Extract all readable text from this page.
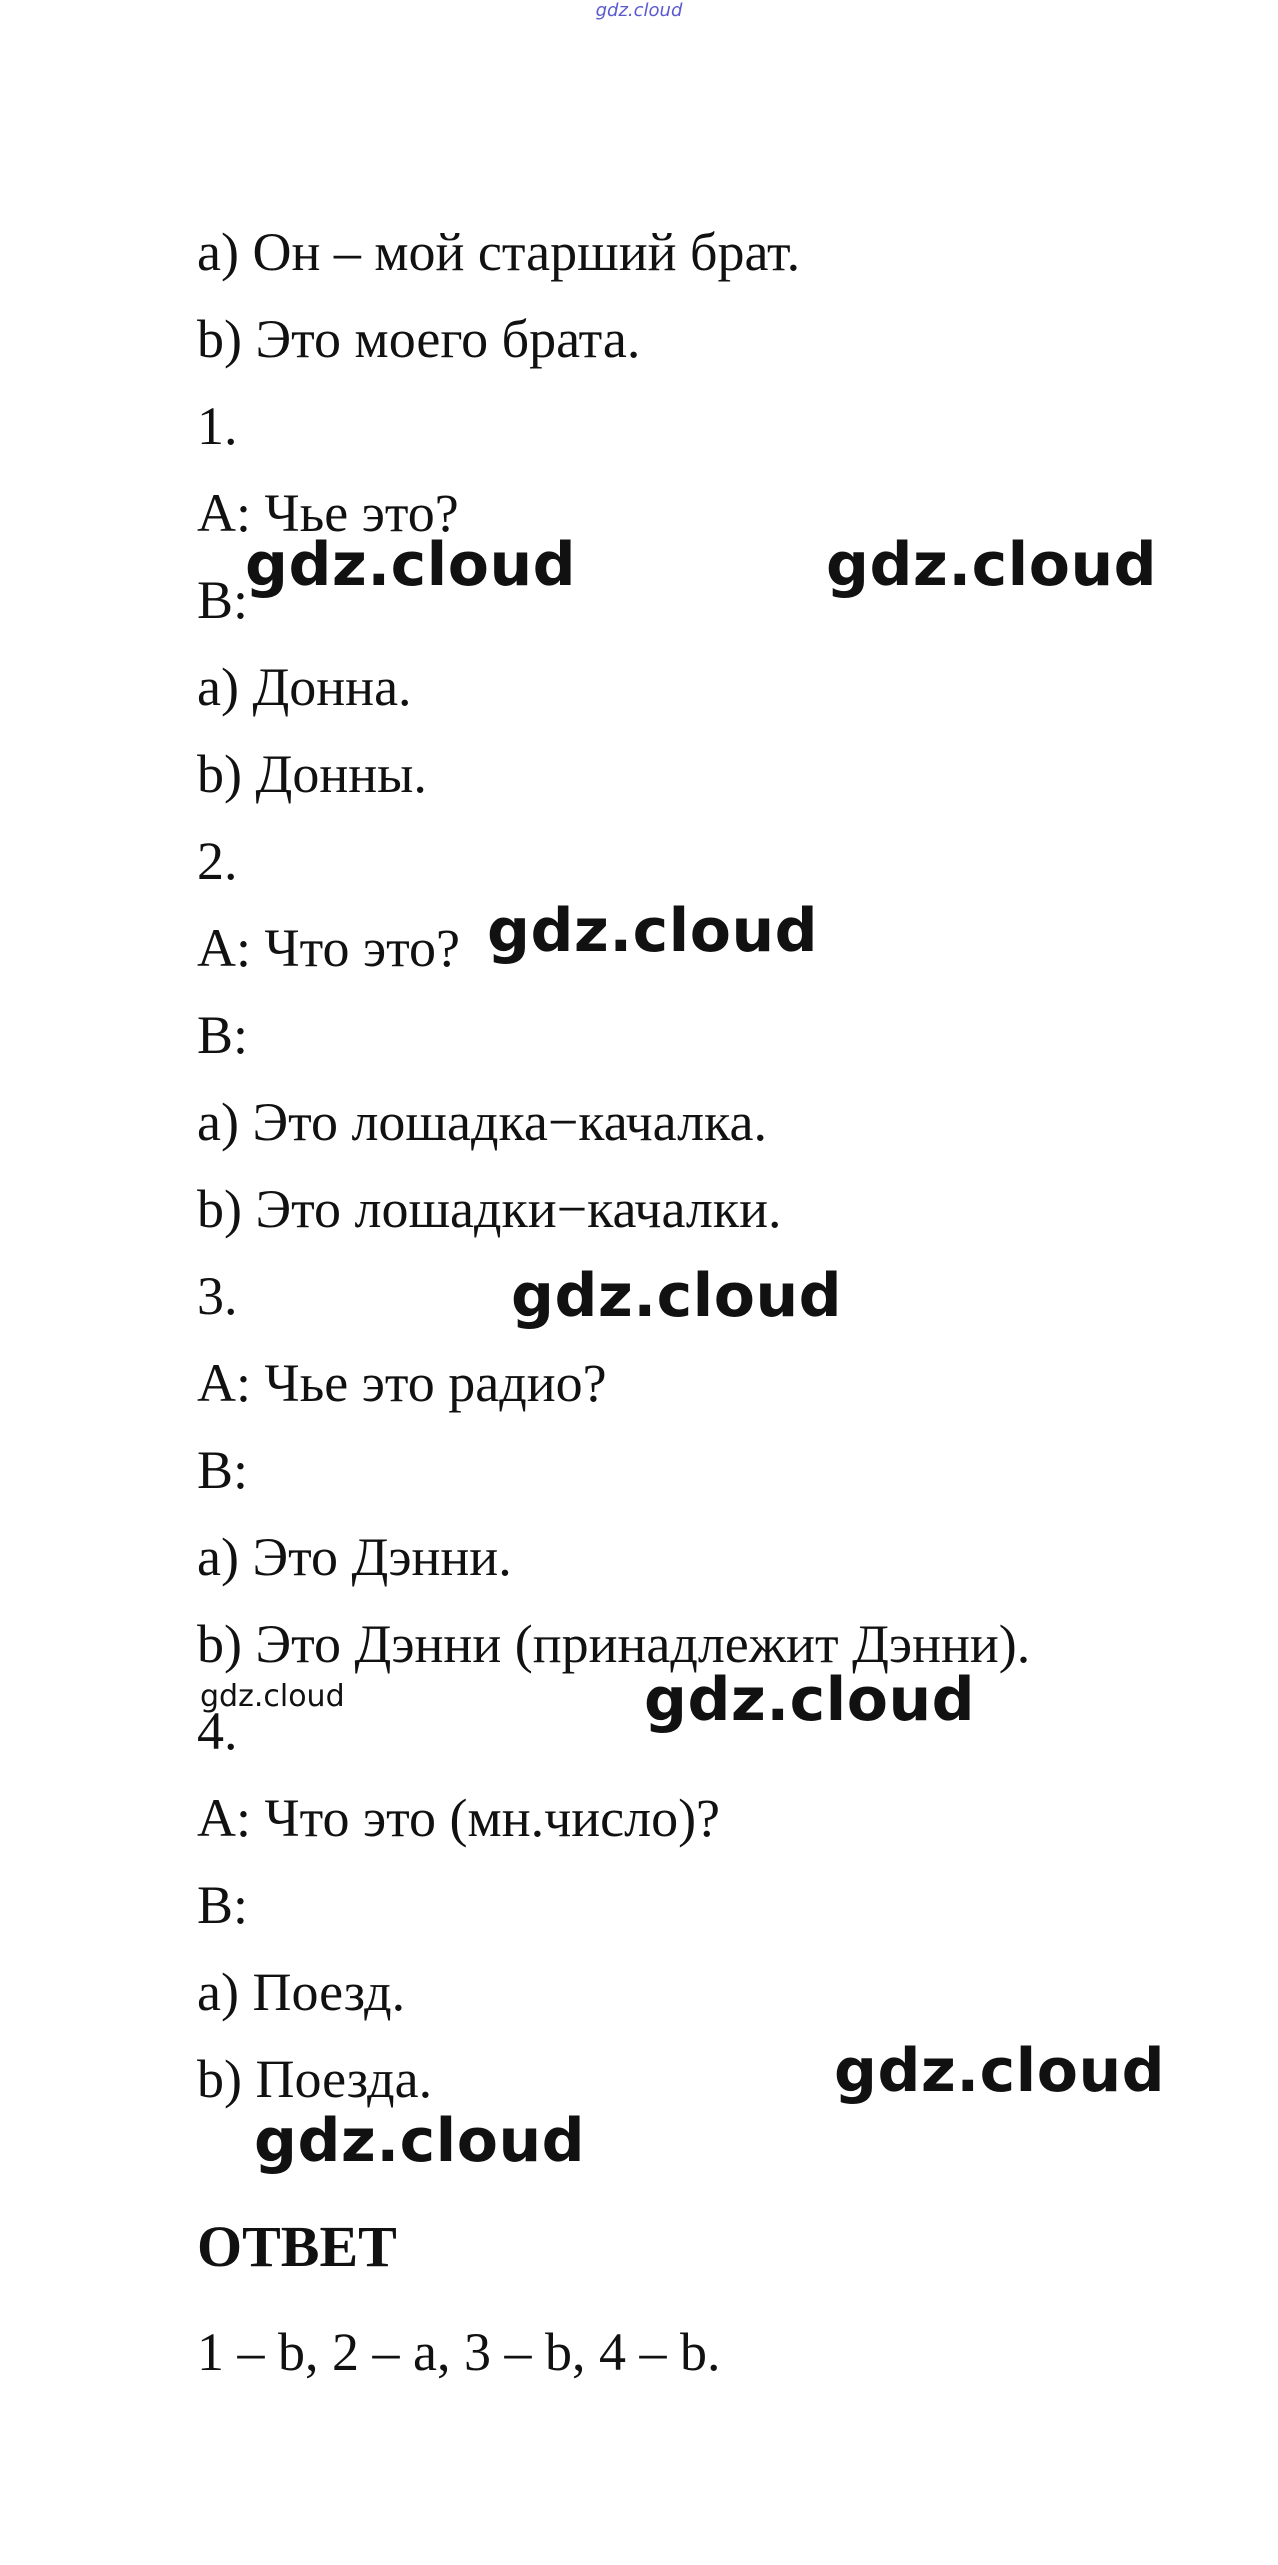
gdz.cloud
a) Он – мой старший брат.
b) Это моего брата.
1.
A: Чье это?
B:
a) Донна.
b) Донны.
2.
A: Что это?
B:
a) Это лошадка−качалка.
b) Это лошадки−качалки.
3.
A: Чье это радио?
B:
a) Это Дэнни.
b) Это Дэнни (принадлежит Дэнни).
4.
A: Что это (мн.число)?
B:
a) Поезд.
b) Поезда.
ОТВЕТ
1 – b, 2 – a, 3 – b, 4 – b.
gdz.cloud	gdz.cloud
gdz.cloud
gdz.cloud
gdz.cloud	gdz.cloud
gdz.cloud
gdz.cloud
